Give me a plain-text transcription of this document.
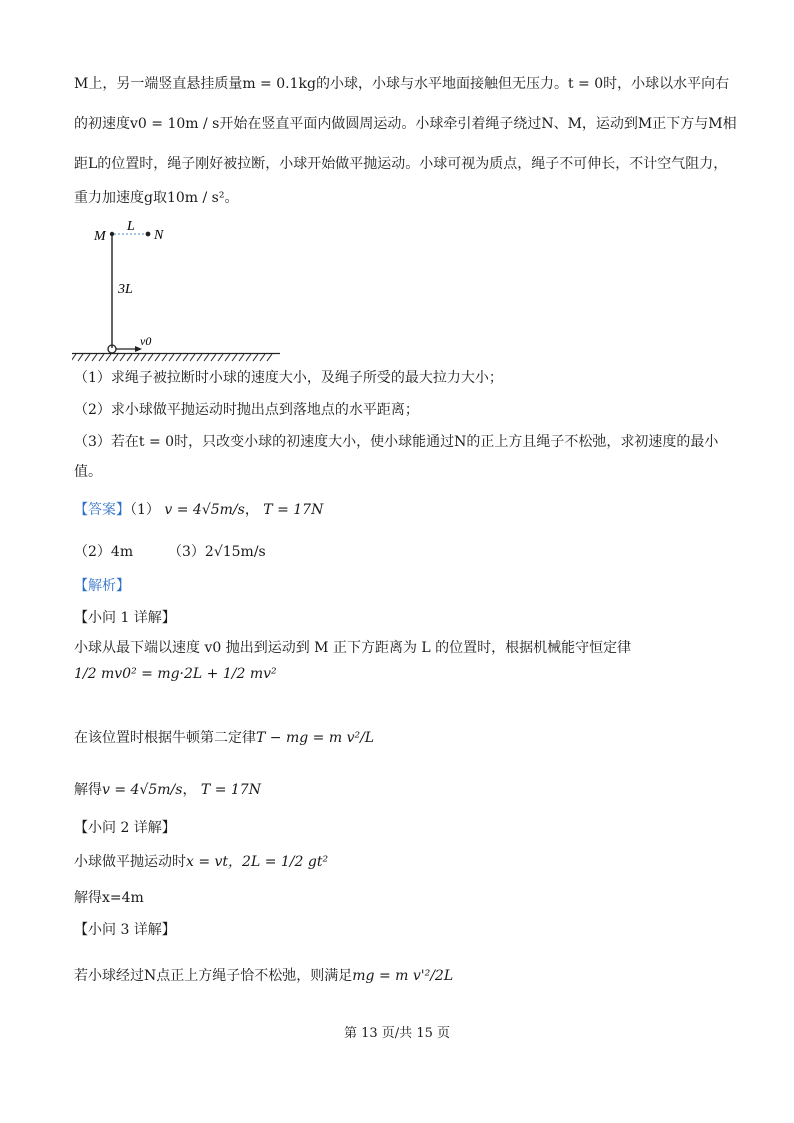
M上，另一端竖直悬挂质量m = 0.1kg的小球，小球与水平地面接触但无压力。t = 0时，小球以水平向右
的初速度v0 = 10m / s开始在竖直平面内做圆周运动。小球牵引着绳子绕过N、M，运动到M正下方与M相
距L的位置时，绳子刚好被拉断，小球开始做平抛运动。小球可视为质点，绳子不可伸长，不计空气阻力，
重力加速度g取10m / s²。
M	N
L
3L
v0
（1）求绳子被拉断时小球的速度大小，及绳子所受的最大拉力大小；
（2）求小球做平抛运动时抛出点到落地点的水平距离；
（3）若在t = 0时，只改变小球的初速度大小，使小球能通过N的正上方且绳子不松弛，求初速度的最小
值。
【答案】（1） v = 4√5m/s， T = 17N
（2）4m （3）2√15m/s
【解析】
【小问 1 详解】
小球从最下端以速度 v0 抛出到运动到 M 正下方距离为 L 的位置时，根据机械能守恒定律
1/2 mv0² = mg·2L + 1/2 mv²
在该位置时根据牛顿第二定律T − mg = m v²/L
解得v = 4√5m/s， T = 17N
【小问 2 详解】
小球做平抛运动时x = vt，2L = 1/2 gt²
解得x=4m
【小问 3 详解】
若小球经过N点正上方绳子恰不松弛，则满足mg = m v'²/2L
第 13 页/共 15 页
